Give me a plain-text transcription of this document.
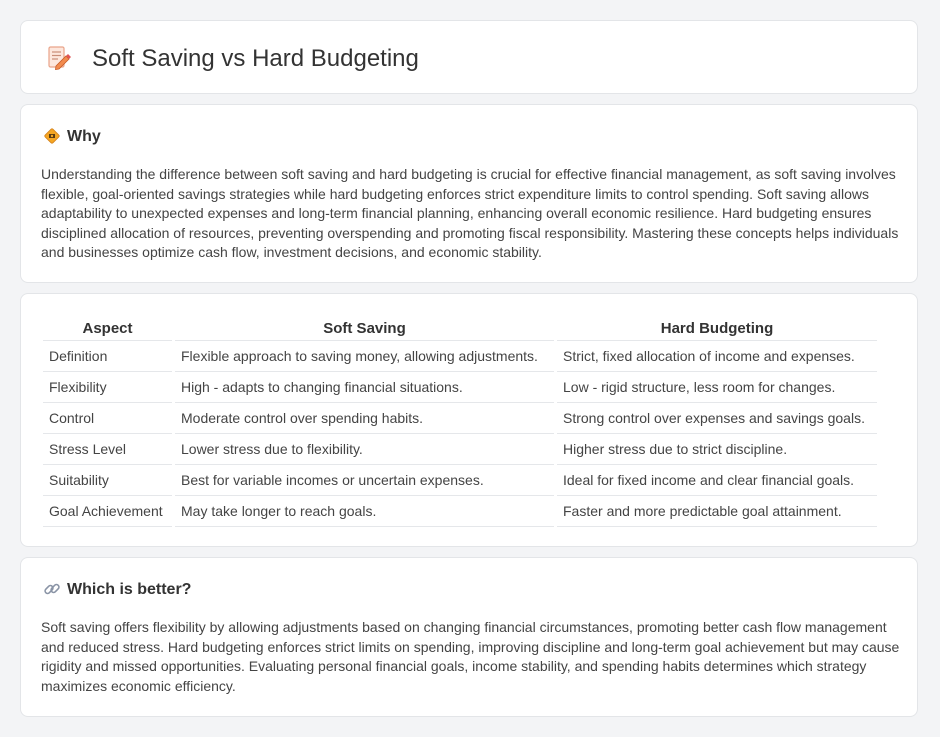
Soft Saving vs Hard Budgeting
Why

Understanding the difference between soft saving and hard budgeting is crucial for effective financial management, as soft saving involves flexible, goal-oriented savings strategies while hard budgeting enforces strict expenditure limits to control spending. Soft saving allows adaptability to unexpected expenses and long-term financial planning, enhancing overall economic resilience. Hard budgeting ensures disciplined allocation of resources, preventing overspending and promoting fiscal responsibility. Mastering these concepts helps individuals and businesses optimize cash flow, investment decisions, and economic stability.

Aspect	Soft Saving	Hard Budgeting
Definition	Flexible approach to saving money, allowing adjustments.	Strict, fixed allocation of income and expenses.
Flexibility	High - adapts to changing financial situations.	Low - rigid structure, less room for changes.
Control	Moderate control over spending habits.	Strong control over expenses and savings goals.
Stress Level	Lower stress due to flexibility.	Higher stress due to strict discipline.
Suitability	Best for variable incomes or uncertain expenses.	Ideal for fixed income and clear financial goals.
Goal Achievement	May take longer to reach goals.	Faster and more predictable goal attainment.
Which is better?

Soft saving offers flexibility by allowing adjustments based on changing financial circumstances, promoting better cash flow management and reduced stress. Hard budgeting enforces strict limits on spending, improving discipline and long-term goal achievement but may cause rigidity and missed opportunities. Evaluating personal financial goals, income stability, and spending habits determines which strategy maximizes economic efficiency.
